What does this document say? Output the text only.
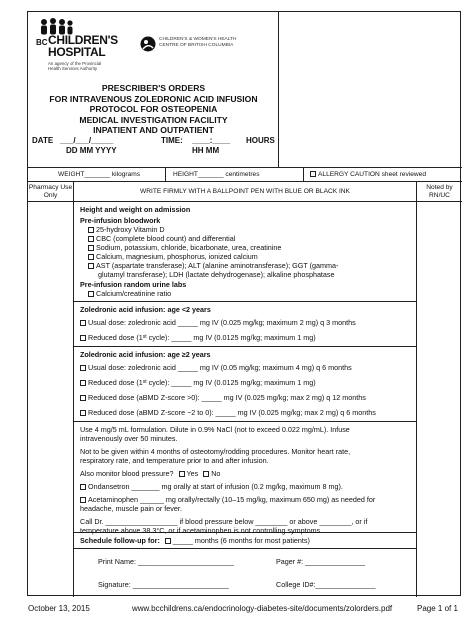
BC CHILDREN'S
HOSPITAL
An agency of the Provincial
Health Services Authority
CHILDREN'S & WOMEN'S HEALTH
CENTRE OF BRITISH COLUMBIA
PRESCRIBER'S ORDERS
FOR INTRAVENOUS ZOLEDRONIC ACID INFUSION
PROTOCOL FOR OSTEOPENIA
MEDICAL INVESTIGATION FACILITY
INPATIENT AND OUTPATIENT
DATE ___/___/_____
DD MM YYYY
TIME: ____:____ HOURS
HH MM
WEIGHT_______ kilograms	HEIGHT_______ centimetres	ALLERGY CAUTION sheet reviewed
Pharmacy Use Only
WRITE FIRMLY WITH A BALLPOINT PEN WITH BLUE OR BLACK INK
Noted by RN/UC
Height and weight on admission
Pre-infusion bloodwork
25-hydroxy Vitamin D
CBC (complete blood count) and differential
Sodium, potassium, chloride, bicarbonate, urea, creatinine
Calcium, magnesium, phosphorus, ionized calcium
AST (aspartate transferase); ALT (alanine aminotransferase); GGT (gamma-
glutamyl transferase); LDH (lactate dehydrogenase); alkaline phosphatase
Pre-infusion random urine labs
Calcium/creatinine ratio
Zoledronic acid infusion: age <2 years
Usual dose: zoledronic acid _____ mg IV (0.025 mg/kg; maximum 2 mg) q 3 months
Reduced dose (1st cycle): _____ mg IV (0.0125 mg/kg; maximum 1 mg)
Zoledronic acid infusion: age ≥2 years
Usual dose: zoledronic acid _____ mg IV (0.05 mg/kg; maximum 4 mg) q 6 months
Reduced dose (1st cycle): _____ mg IV (0.0125 mg/kg; maximum 1 mg)
Reduced dose (aBMD Z-score >0): _____ mg IV (0.025 mg/kg; max 2 mg) q 12 months
Reduced dose (aBMD Z-score −2 to 0): _____ mg IV (0.025 mg/kg; max 2 mg) q 6 months
Use 4 mg/5 mL formulation. Dilute in 0.9% NaCl (not to exceed 0.022 mg/mL). Infuse
intravenously over 50 minutes.
Not to be given within 4 months of osteotomy/rodding procedures. Monitor heart rate,
respiratory rate, and temperature prior to and after infusion.
Also monitor blood pressure? Yes No
Ondansetron _______ mg orally at start of infusion (0.2 mg/kg, maximum 8 mg).
Acetaminophen ______ mg orally/rectally (10–15 mg/kg, maximum 650 mg) as needed for
headache, muscle pain or fever.
Call Dr. __________________ if blood pressure below ________ or above ________, or if
temperature above 38.3°C, or if acetaminophen is not controlling symptoms.
Schedule follow-up for: _____ months (6 months for most patients)
Print Name: ________________________	Pager #: _______________
Signature: ________________________	College ID#:_______________
October 13, 2015	www.bcchildrens.ca/endocrinology-diabetes-site/documents/zolorders.pdf	Page 1 of 1
